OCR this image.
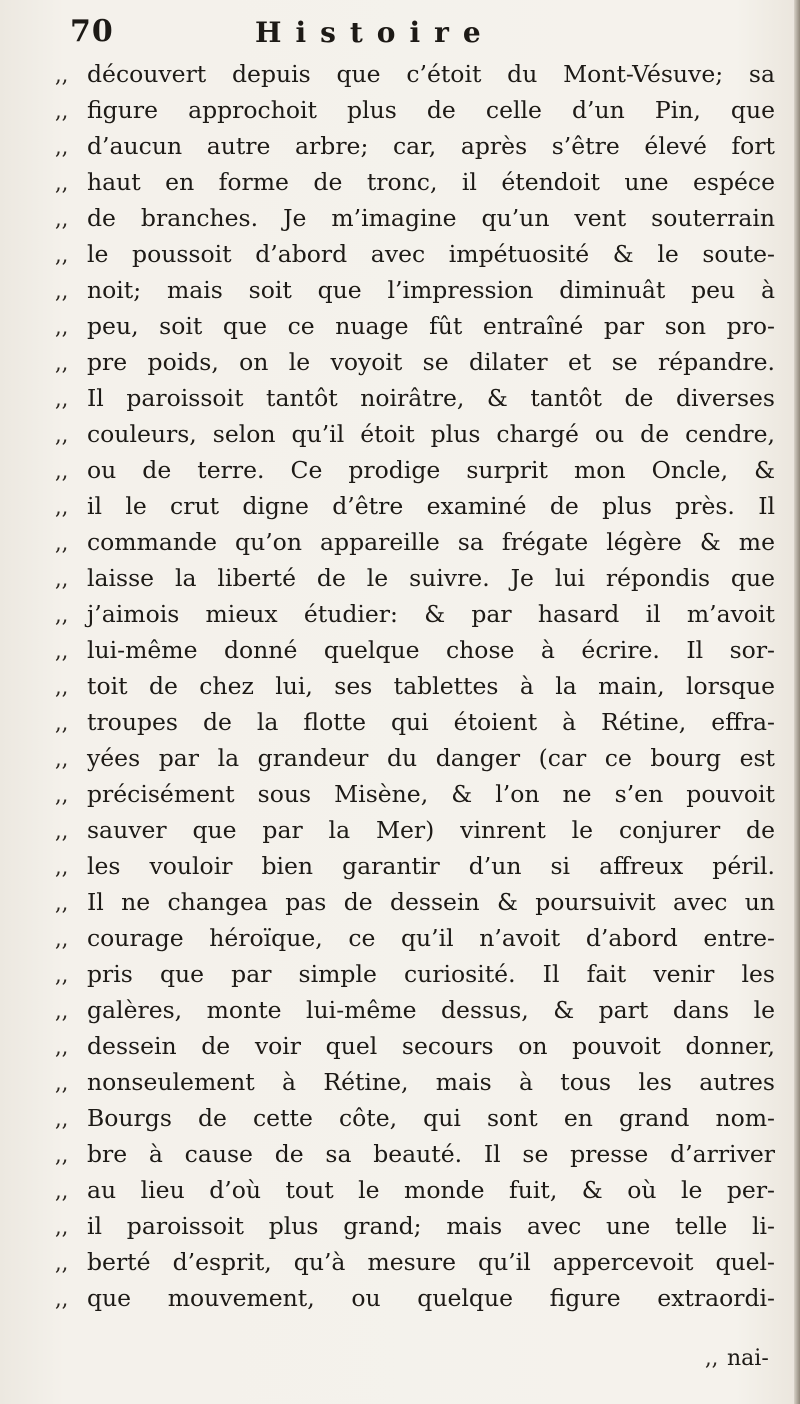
70	Histoire
,, découvert depuis que c’étoit du Mont-Vésuve; sa
,, figure approchoit plus de celle d’un Pin, que
,, d’aucun autre arbre; car, après s’être élevé fort
,, haut en forme de tronc, il étendoit une espéce
,, de branches. Je m’imagine qu’un vent souterrain
,, le poussoit d’abord avec impétuosité & le soute-
,, noit; mais soit que l’impression diminuât peu à
,, peu, soit que ce nuage fût entraîné par son pro-
,, pre poids, on le voyoit se dilater et se répandre.
,, Il paroissoit tantôt noirâtre, & tantôt de diverses
,, couleurs, selon qu’il étoit plus chargé ou de cendre,
,, ou de terre. Ce prodige surprit mon Oncle, &
,, il le crut digne d’être examiné de plus près. Il
,, commande qu’on appareille sa frégate légère & me
,, laisse la liberté de le suivre. Je lui répondis que
,, j’aimois mieux étudier: & par hasard il m’avoit
,, lui-même donné quelque chose à écrire. Il sor-
,, toit de chez lui, ses tablettes à la main, lorsque
,, troupes de la flotte qui étoient à Rétine, effra-
,, yées par la grandeur du danger (car ce bourg est
,, précisément sous Misène, & l’on ne s’en pouvoit
,, sauver que par la Mer) vinrent le conjurer de
,, les vouloir bien garantir d’un si affreux péril.
,, Il ne changea pas de dessein & poursuivit avec un
,, courage héroïque, ce qu’il n’avoit d’abord entre-
,, pris que par simple curiosité. Il fait venir les
,, galères, monte lui-même dessus, & part dans le
,, dessein de voir quel secours on pouvoit donner,
,, nonseulement à Rétine, mais à tous les autres
,, Bourgs de cette côte, qui sont en grand nom-
,, bre à cause de sa beauté. Il se presse d’arriver
,, au lieu d’où tout le monde fuit, & où le per-
,, il paroissoit plus grand; mais avec une telle li-
,, berté d’esprit, qu’à mesure qu’il appercevoit quel-
,, que mouvement, ou quelque figure extraordi-
,, nai-
